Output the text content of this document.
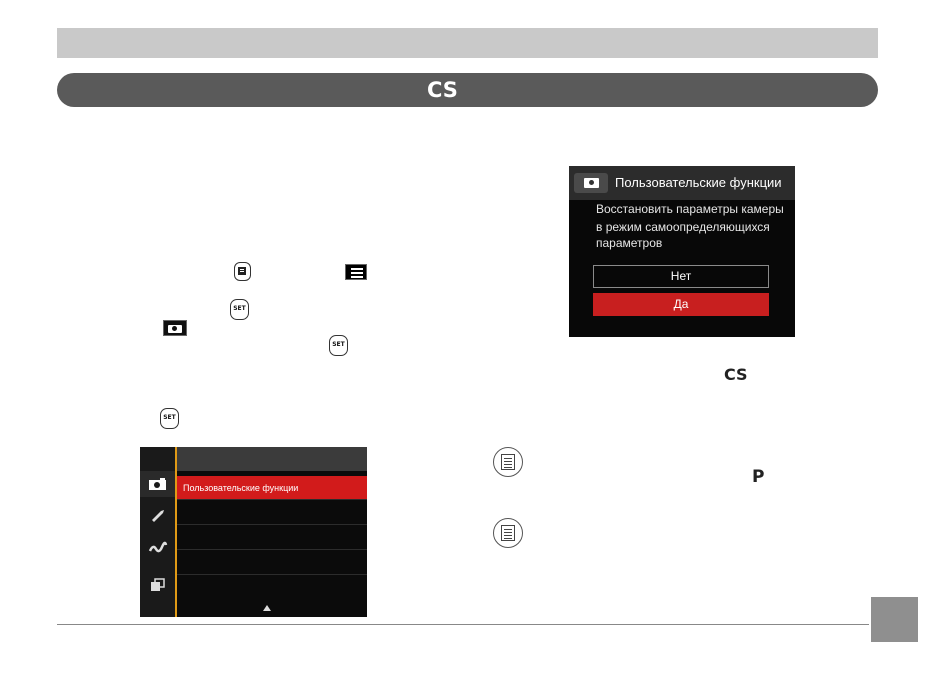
CS
SET
SET
SET
Пользовательские функции
Пользовательские функции
Восстановить параметры камеры
в режим самоопределяющихся
параметров
Нет
Да
CS
P
